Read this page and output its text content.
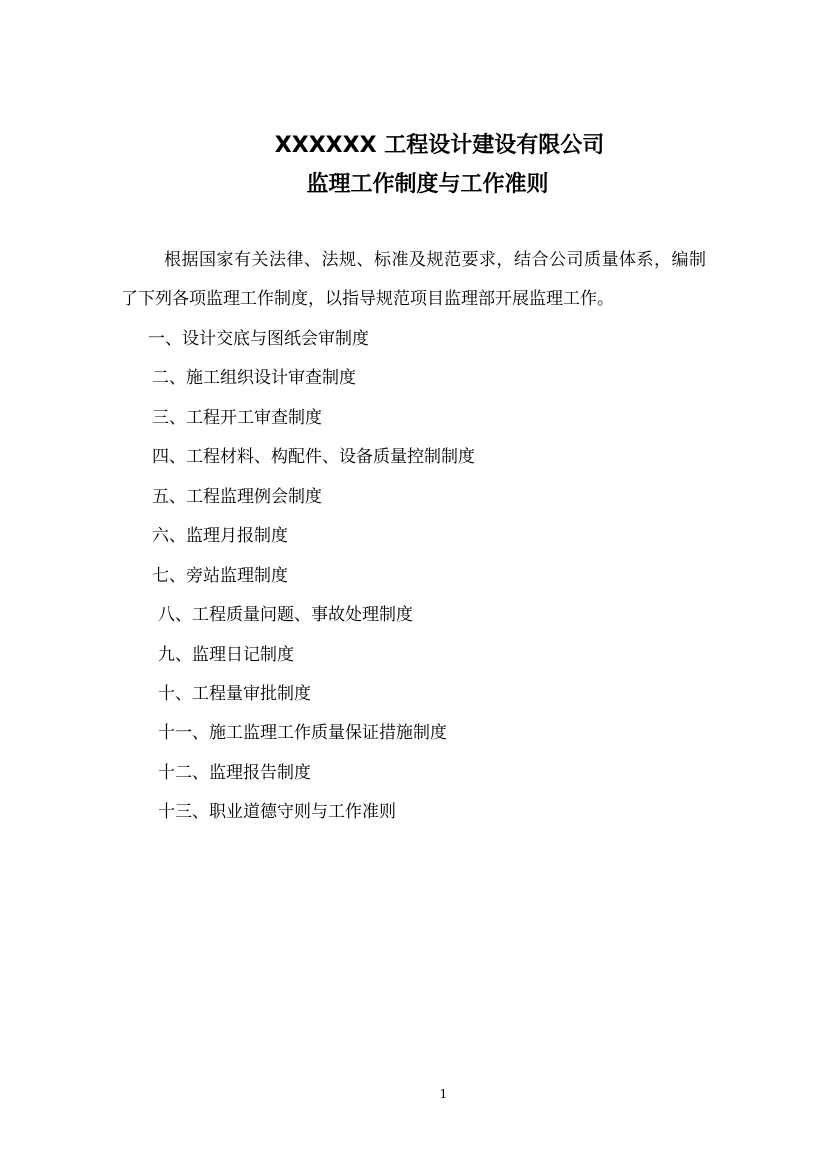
XXXXXX 工程设计建设有限公司
监理工作制度与工作准则
根据国家有关法律、法规、标准及规范要求，结合公司质量体系，编制
了下列各项监理工作制度，以指导规范项目监理部开展监理工作。
一、设计交底与图纸会审制度
二、施工组织设计审查制度
三、工程开工审查制度
四、工程材料、构配件、设备质量控制制度
五、工程监理例会制度
六、监理月报制度
七、旁站监理制度
八、工程质量问题、事故处理制度
九、监理日记制度
十、工程量审批制度
十一、施工监理工作质量保证措施制度
十二、监理报告制度
十三、职业道德守则与工作准则
1
